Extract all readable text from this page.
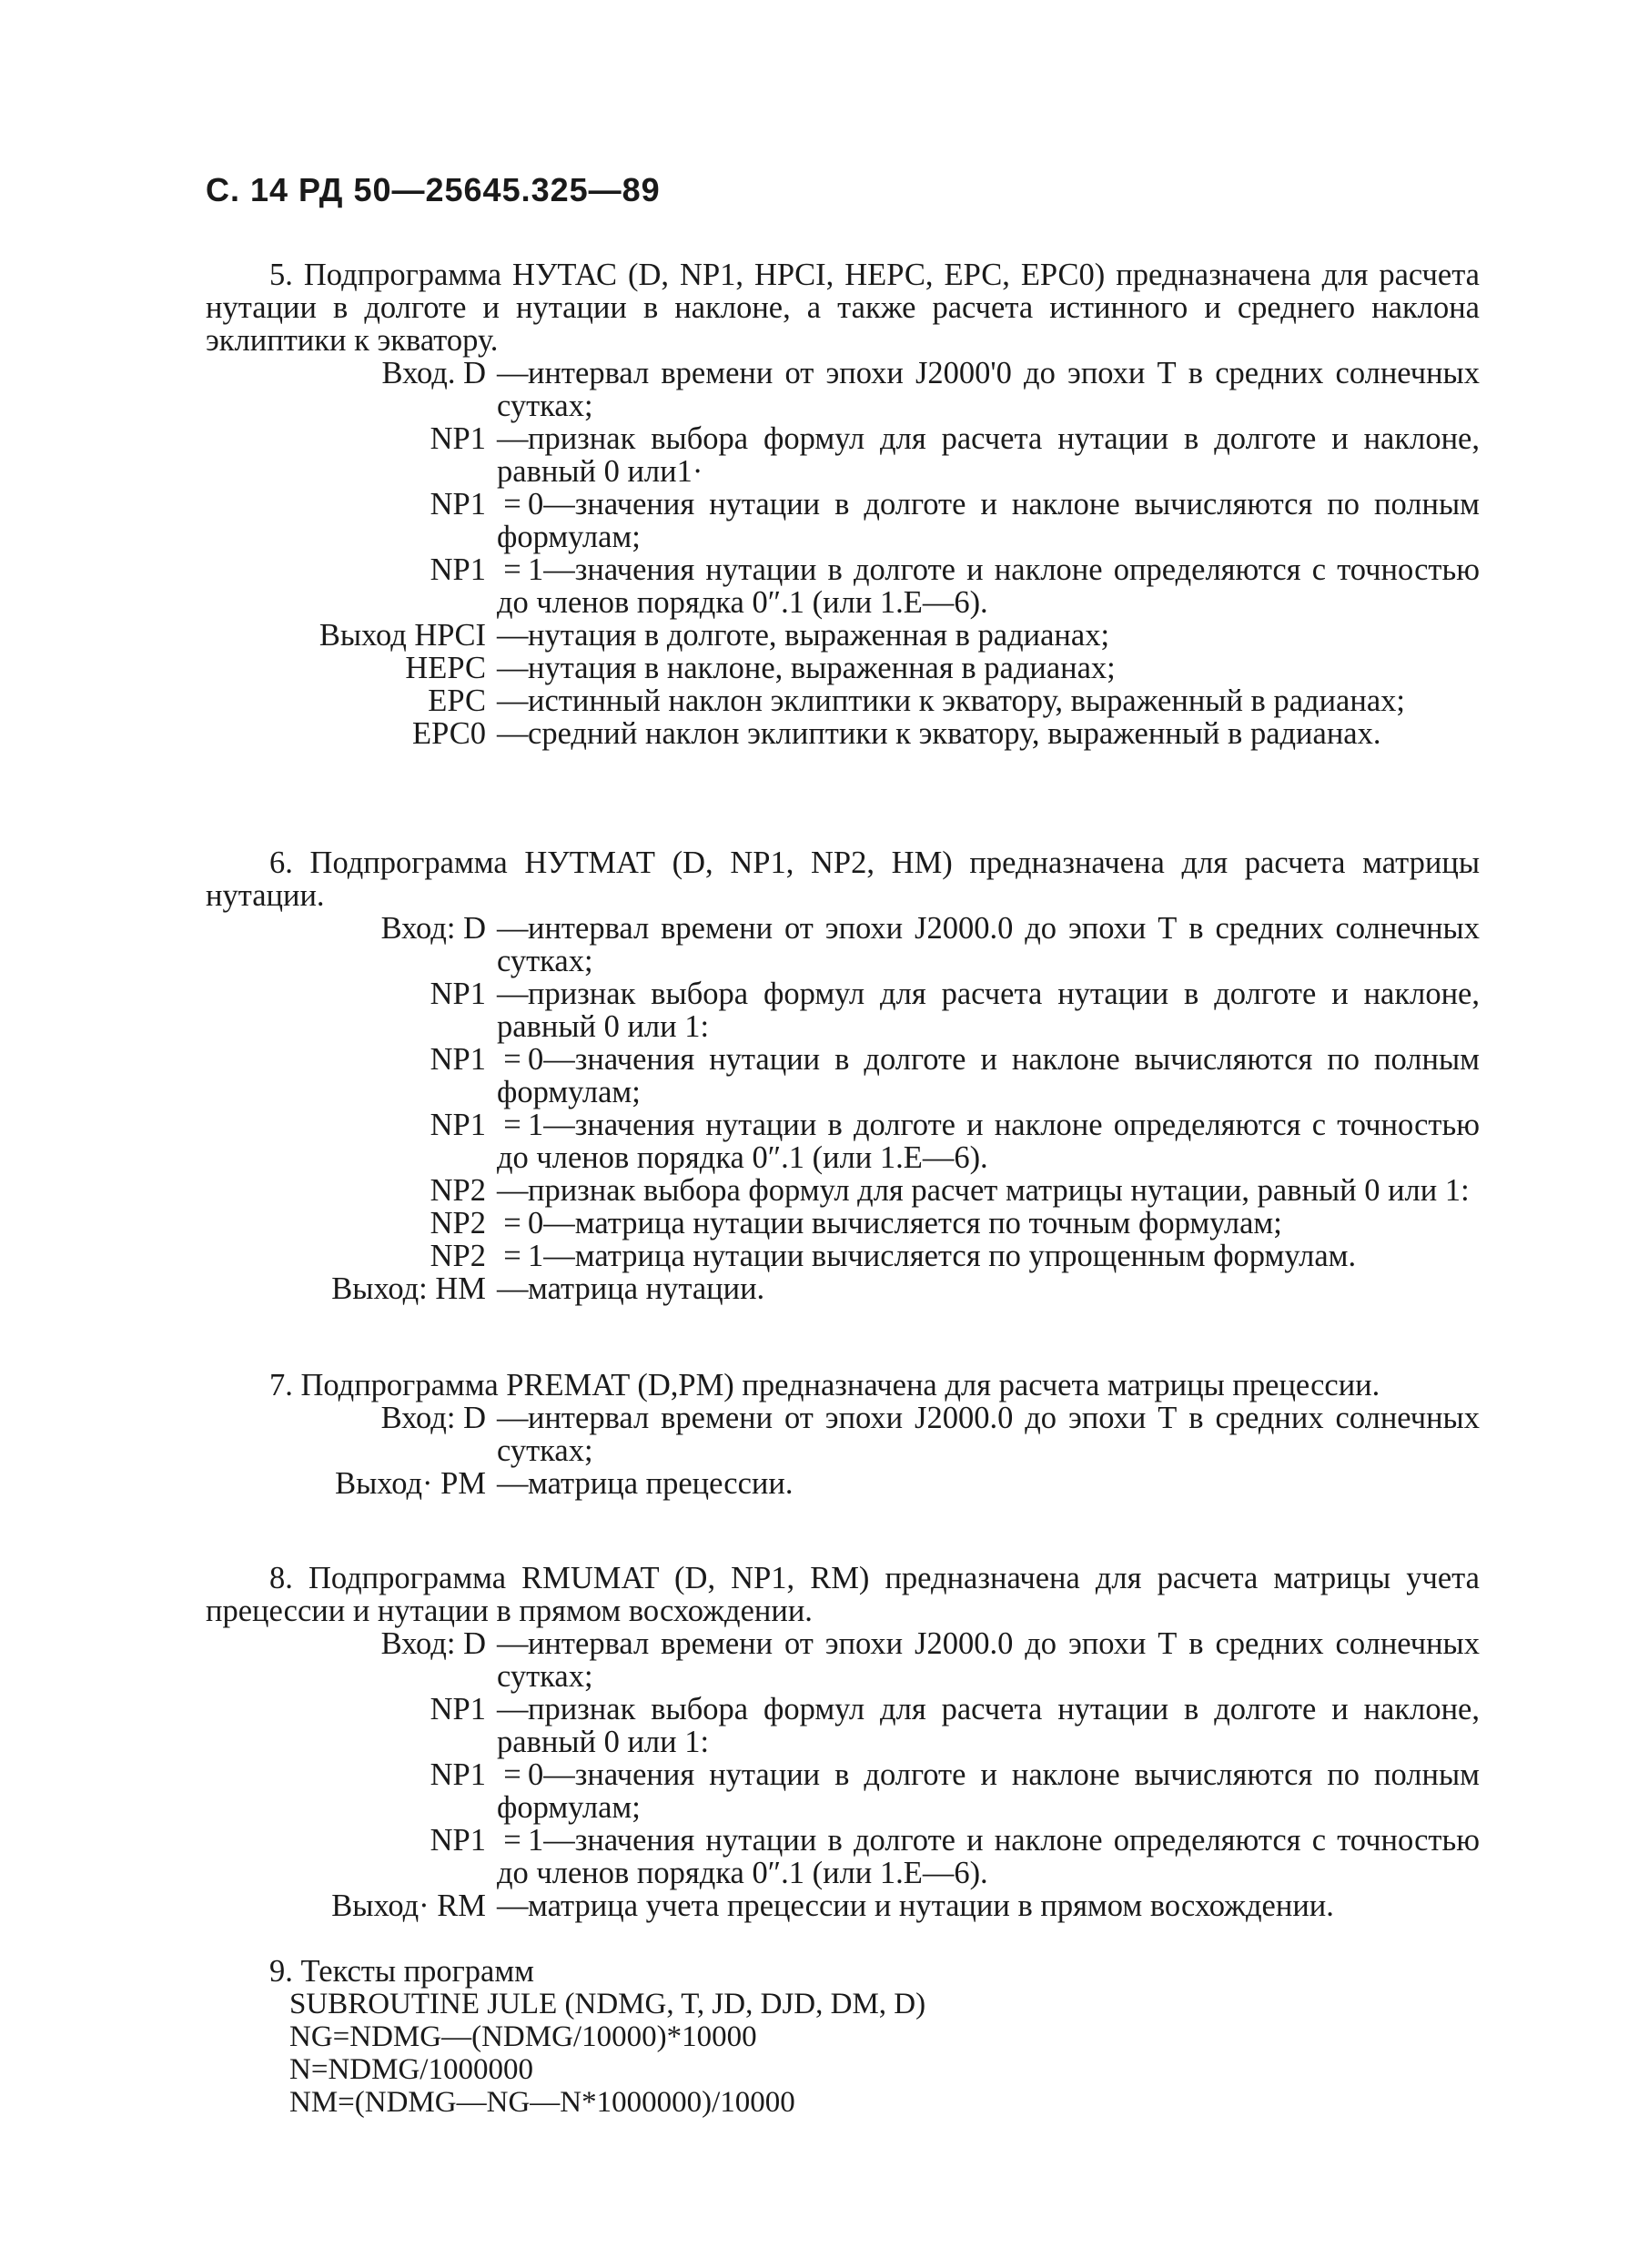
С. 14 РД 50—25645.325—89
5. Подпрограмма НУТАС (D, NP1, HPCI, НЕРС, ЕРС, ЕРС0) предназначена для расчета нутации в долготе и нутации в наклоне, а также расчета истинного и среднего наклона эклиптики к экватору.
Вход. D —интервал времени от эпохи J2000'0 до эпохи Т в средних солнечных сутках;
NP1 —признак выбора формул для расчета нутации в долготе и наклоне, равный 0 или1·
NP1 = 0—значения нутации в долготе и наклоне вычисляются по полным формулам;
NP1 = 1—значения нутации в долготе и наклоне определяются с точностью до членов порядка 0″.1 (или 1.Е—6).
Выход НPCI —нутация в долготе, выраженная в радианах;
НЕРС —нутация в наклоне, выраженная в радианах;
ЕРС —истинный наклон эклиптики к экватору, выраженный в радианах;
ЕРС0 —средний наклон эклиптики к экватору, выраженный в радианах.
6. Подпрограмма НУТМАТ (D, NP1, NP2, HM) предназначена для расчета матрицы нутации.
Вход: D —интервал времени от эпохи J2000.0 до эпохи Т в средних солнечных сутках;
NP1 —признак выбора формул для расчета нутации в долготе и наклоне, равный 0 или 1:
NP1 = 0—значения нутации в долготе и наклоне вычисляются по полным формулам;
NP1 = 1—значения нутации в долготе и наклоне определяются с точностью до членов порядка 0″.1 (или 1.Е—6).
NP2 —признак выбора формул для расчет матрицы нутации, равный 0 или 1:
NP2 = 0—матрица нутации вычисляется по точным формулам;
NP2 = 1—матрица нутации вычисляется по упрощенным формулам.
Выход: НМ —матрица нутации.
7. Подпрограмма PREMAT (D,PM) предназначена для расчета матрицы прецессии.
Вход: D —интервал времени от эпохи J2000.0 до эпохи Т в средних солнечных сутках;
Выход· РМ —матрица прецессии.
8. Подпрограмма RMUMAT (D, NP1, RM) предназначена для расчета матрицы учета прецессии и нутации в прямом восхождении.
Вход: D —интервал времени от эпохи J2000.0 до эпохи Т в средних солнечных сутках;
NP1 —признак выбора формул для расчета нутации в долготе и наклоне, равный 0 или 1:
NP1 = 0—значения нутации в долготе и наклоне вычисляются по полным формулам;
NP1 = 1—значения нутации в долготе и наклоне определяются с точностью до членов порядка 0″.1 (или 1.Е—6).
Выход· RM —матрица учета прецессии и нутации в прямом восхождении.
9. Тексты программ
SUBROUTINE JULE (NDMG, T, JD, DJD, DM, D)
NG=NDMG—(NDMG/10000)*10000
N=NDMG/1000000
NM=(NDMG—NG—N*1000000)/10000
